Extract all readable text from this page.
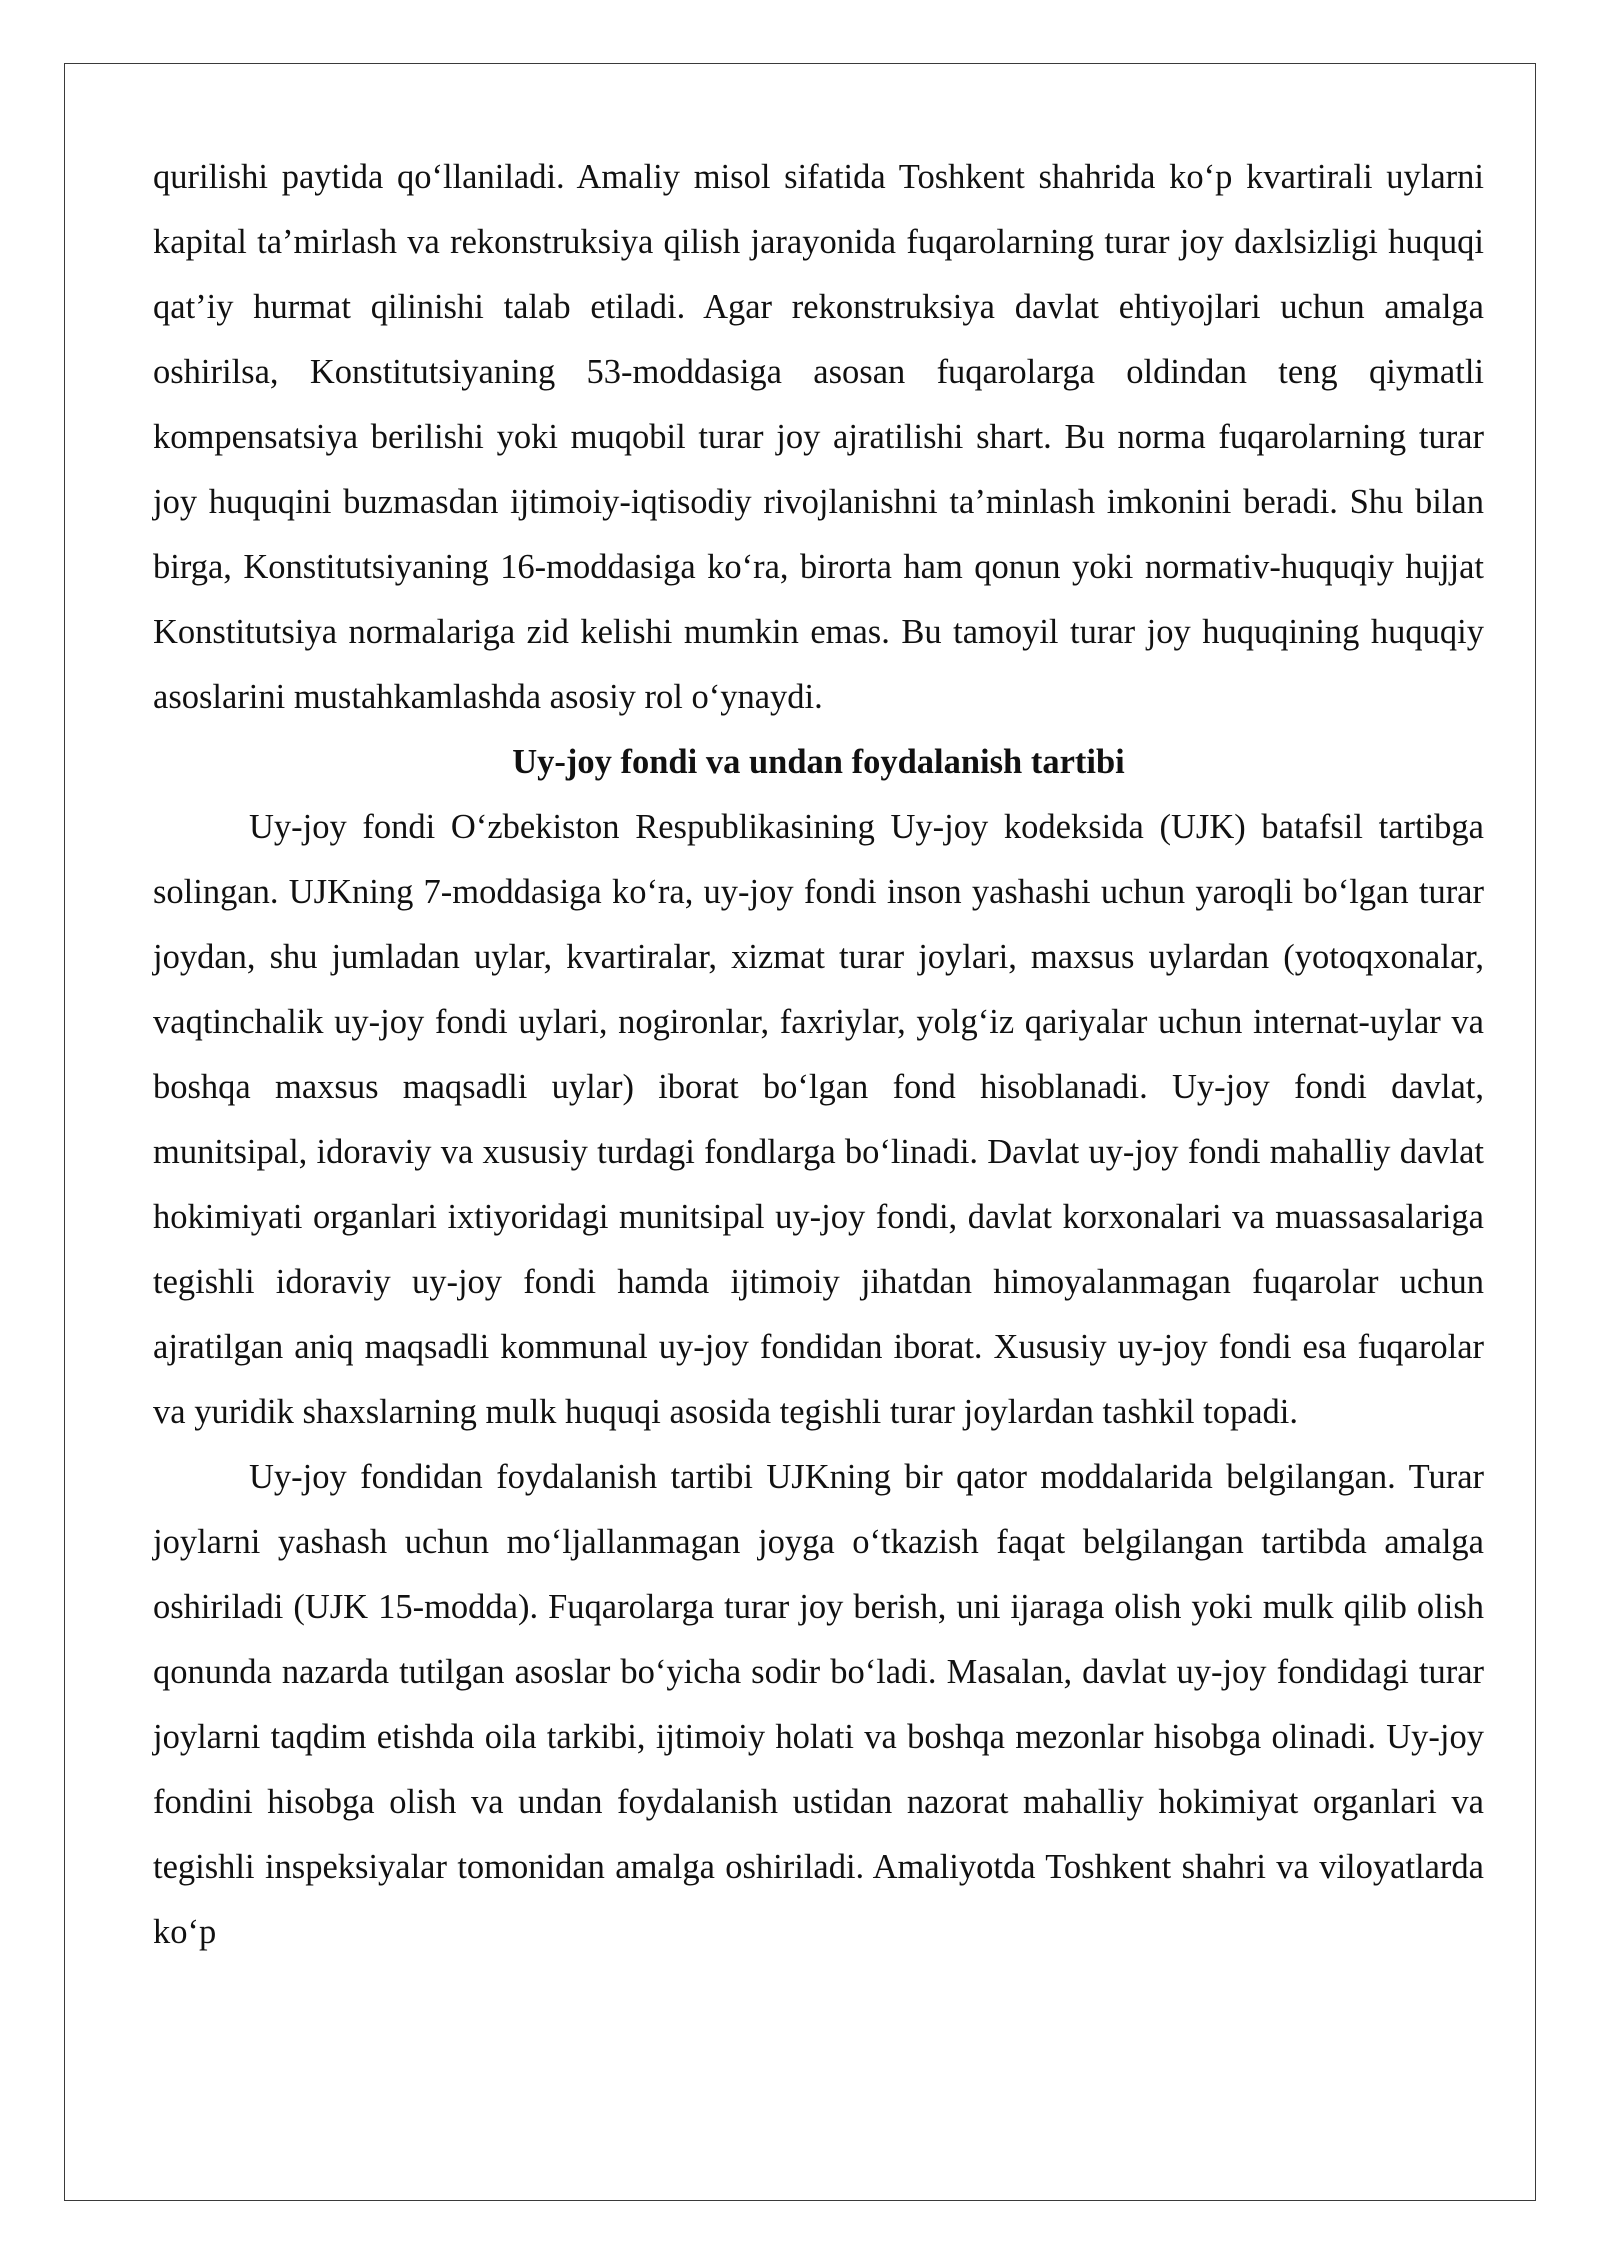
qurilishi paytida qo‘llaniladi. Amaliy misol sifatida Toshkent shahrida ko‘p kvartirali uylarni kapital ta’mirlash va rekonstruksiya qilish jarayonida fuqarolarning turar joy daxlsizligi huquqi qat’iy hurmat qilinishi talab etiladi. Agar rekonstruksiya davlat ehtiyojlari uchun amalga oshirilsa, Konstitutsiyaning 53-moddasiga asosan fuqarolarga oldindan teng qiymatli kompensatsiya berilishi yoki muqobil turar joy ajratilishi shart. Bu norma fuqarolarning turar joy huquqini buzmasdan ijtimoiy-iqtisodiy rivojlanishni ta’minlash imkonini beradi. Shu bilan birga, Konstitutsiyaning 16-moddasiga ko‘ra, birorta ham qonun yoki normativ-huquqiy hujjat Konstitutsiya normalariga zid kelishi mumkin emas. Bu tamoyil turar joy huquqining huquqiy asoslarini mustahkamlashda asosiy rol o‘ynaydi.

Uy-joy fondi va undan foydalanish tartibi

Uy-joy fondi O‘zbekiston Respublikasining Uy-joy kodeksida (UJK) batafsil tartibga solingan. UJKning 7-moddasiga ko‘ra, uy-joy fondi inson yashashi uchun yaroqli bo‘lgan turar joydan, shu jumladan uylar, kvartiralar, xizmat turar joylari, maxsus uylardan (yotoqxonalar, vaqtinchalik uy-joy fondi uylari, nogironlar, faxriylar, yolg‘iz qariyalar uchun internat-uylar va boshqa maxsus maqsadli uylar) iborat bo‘lgan fond hisoblanadi. Uy-joy fondi davlat, munitsipal, idoraviy va xususiy turdagi fondlarga bo‘linadi. Davlat uy-joy fondi mahalliy davlat hokimiyati organlari ixtiyoridagi munitsipal uy-joy fondi, davlat korxonalari va muassasalariga tegishli idoraviy uy-joy fondi hamda ijtimoiy jihatdan himoyalanmagan fuqarolar uchun ajratilgan aniq maqsadli kommunal uy-joy fondidan iborat. Xususiy uy-joy fondi esa fuqarolar va yuridik shaxslarning mulk huquqi asosida tegishli turar joylardan tashkil topadi.

Uy-joy fondidan foydalanish tartibi UJKning bir qator moddalarida belgilangan. Turar joylarni yashash uchun mo‘ljallanmagan joyga o‘tkazish faqat belgilangan tartibda amalga oshiriladi (UJK 15-modda). Fuqarolarga turar joy berish, uni ijaraga olish yoki mulk qilib olish qonunda nazarda tutilgan asoslar bo‘yicha sodir bo‘ladi. Masalan, davlat uy-joy fondidagi turar joylarni taqdim etishda oila tarkibi, ijtimoiy holati va boshqa mezonlar hisobga olinadi. Uy-joy fondini hisobga olish va undan foydalanish ustidan nazorat mahalliy hokimiyat organlari va tegishli inspeksiyalar tomonidan amalga oshiriladi. Amaliyotda Toshkent shahri va viloyatlarda ko‘p
